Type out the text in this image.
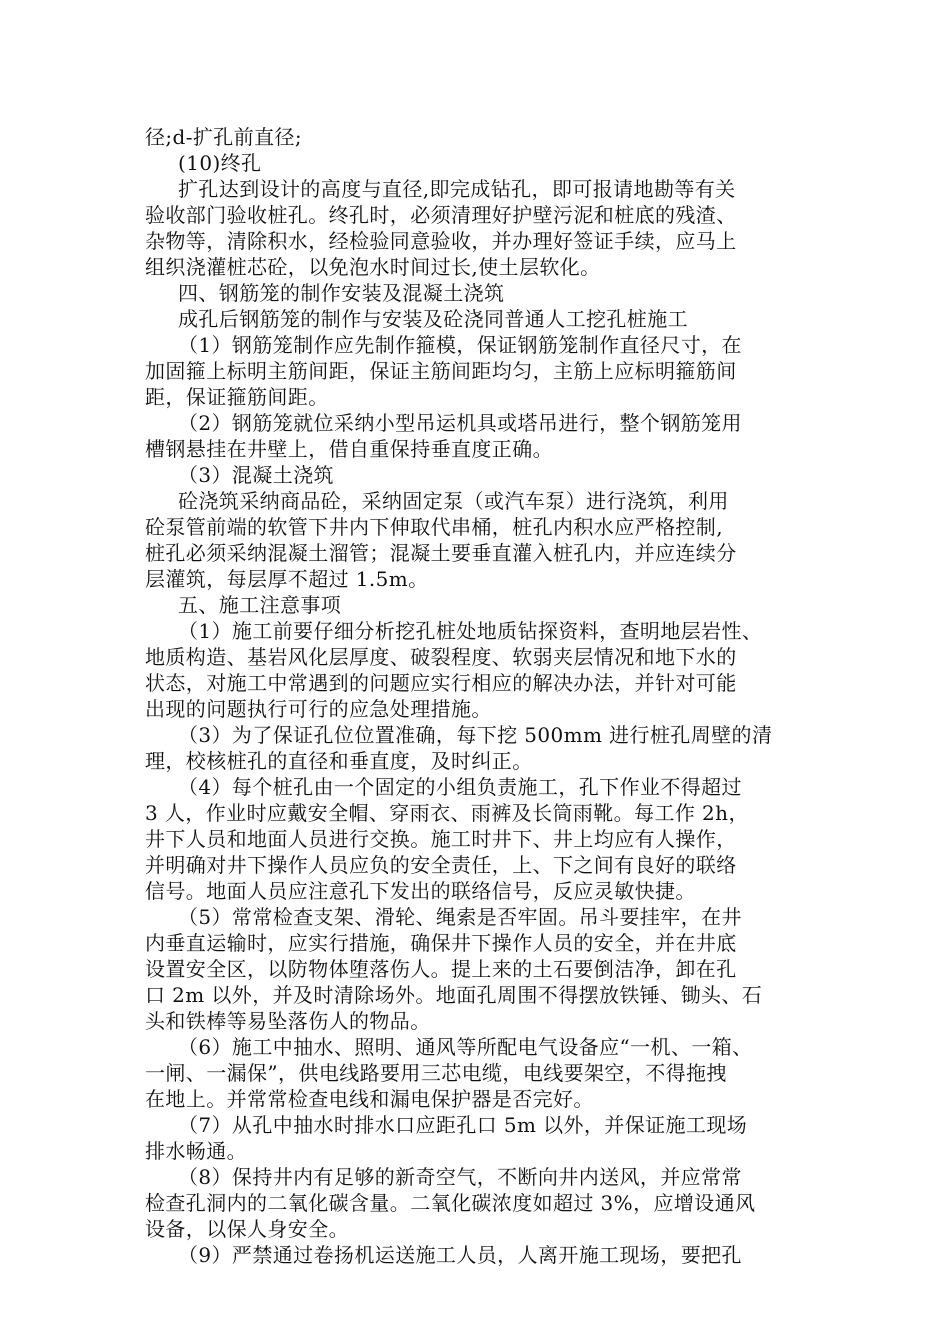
径;d-扩孔前直径;
(10)终孔
扩孔达到设计的高度与直径,即完成钻孔，即可报请地勘等有关
验收部门验收桩孔。终孔时，必须清理好护壁污泥和桩底的残渣、
杂物等，清除积水，经检验同意验收，并办理好签证手续，应马上
组织浇灌桩芯砼，以免泡水时间过长,使土层软化。
四、钢筋笼的制作安装及混凝土浇筑
成孔后钢筋笼的制作与安装及砼浇同普通人工挖孔桩施工
（1）钢筋笼制作应先制作箍模，保证钢筋笼制作直径尺寸，在
加固箍上标明主筋间距，保证主筋间距均匀，主筋上应标明箍筋间
距，保证箍筋间距。
（2）钢筋笼就位采纳小型吊运机具或塔吊进行，整个钢筋笼用
槽钢悬挂在井壁上，借自重保持垂直度正确。
（3）混凝土浇筑
砼浇筑采纳商品砼，采纳固定泵（或汽车泵）进行浇筑，利用
砼泵管前端的软管下井内下伸取代串桶，桩孔内积水应严格控制,
桩孔必须采纳混凝土溜管；混凝土要垂直灌入桩孔内，并应连续分
层灌筑，每层厚不超过 1.5m。
五、施工注意事项
（1）施工前要仔细分析挖孔桩处地质钻探资料，查明地层岩性、
地质构造、基岩风化层厚度、破裂程度、软弱夹层情况和地下水的
状态，对施工中常遇到的问题应实行相应的解决办法，并针对可能
出现的问题执行可行的应急处理措施。
（3）为了保证孔位位置准确，每下挖 500mm 进行桩孔周壁的清
理，校核桩孔的直径和垂直度，及时纠正。
（4）每个桩孔由一个固定的小组负责施工，孔下作业不得超过
3 人，作业时应戴安全帽、穿雨衣、雨裤及长筒雨靴。每工作 2h，
井下人员和地面人员进行交换。施工时井下、井上均应有人操作，
并明确对井下操作人员应负的安全责任，上、下之间有良好的联络
信号。地面人员应注意孔下发出的联络信号，反应灵敏快捷。
（5）常常检查支架、滑轮、绳索是否牢固。吊斗要挂牢，在井
内垂直运输时，应实行措施，确保井下操作人员的安全，并在井底
设置安全区，以防物体堕落伤人。提上来的土石要倒洁净，卸在孔
口 2m 以外，并及时清除场外。地面孔周围不得摆放铁锤、锄头、石
头和铁棒等易坠落伤人的物品。
（6）施工中抽水、照明、通风等所配电气设备应“一机、一箱、
一闸、一漏保”，供电线路要用三芯电缆，电线要架空，不得拖拽
在地上。并常常检查电线和漏电保护器是否完好。
（7）从孔中抽水时排水口应距孔口 5m 以外，并保证施工现场
排水畅通。
（8）保持井内有足够的新奇空气，不断向井内送风，并应常常
检查孔洞内的二氧化碳含量。二氧化碳浓度如超过 3%，应增设通风
设备，以保人身安全。
（9）严禁通过卷扬机运送施工人员，人离开施工现场，要把孔
